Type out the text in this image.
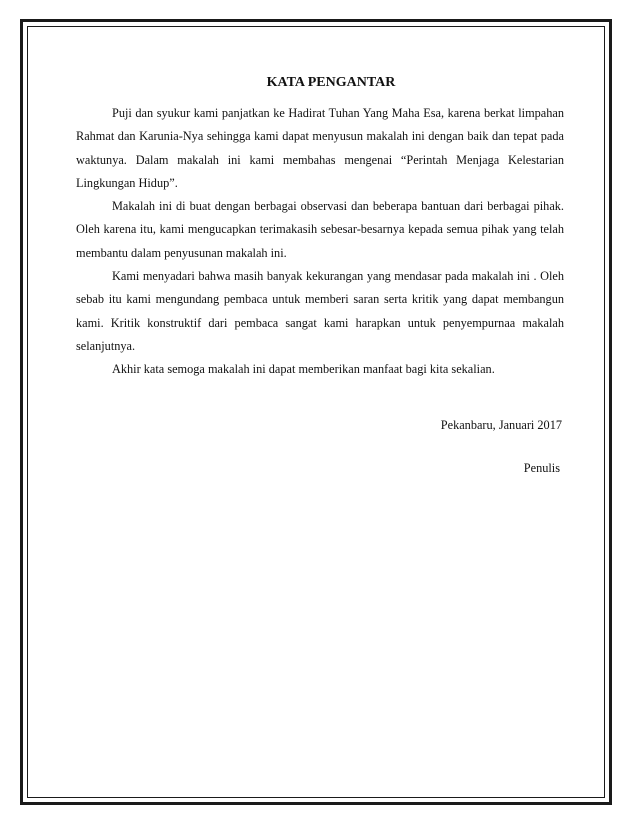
KATA PENGANTAR

Puji dan syukur kami panjatkan ke Hadirat Tuhan Yang Maha Esa, karena berkat limpahan Rahmat dan Karunia-Nya sehingga kami dapat menyusun makalah ini dengan baik dan tepat pada waktunya. Dalam makalah ini kami membahas mengenai “Perintah Menjaga Kelestarian Lingkungan Hidup”.

Makalah ini di buat dengan berbagai observasi dan beberapa bantuan dari berbagai pihak. Oleh karena itu, kami mengucapkan terimakasih sebesar-besarnya kepada semua pihak yang telah membantu dalam penyusunan makalah ini.

Kami menyadari bahwa masih banyak kekurangan yang mendasar pada makalah ini . Oleh sebab itu kami mengundang pembaca untuk memberi saran serta kritik yang dapat membangun kami. Kritik konstruktif dari pembaca sangat kami harapkan untuk penyempurnaa makalah selanjutnya.

Akhir kata semoga makalah ini dapat memberikan manfaat bagi kita sekalian.

Pekanbaru, Januari 2017

Penulis
